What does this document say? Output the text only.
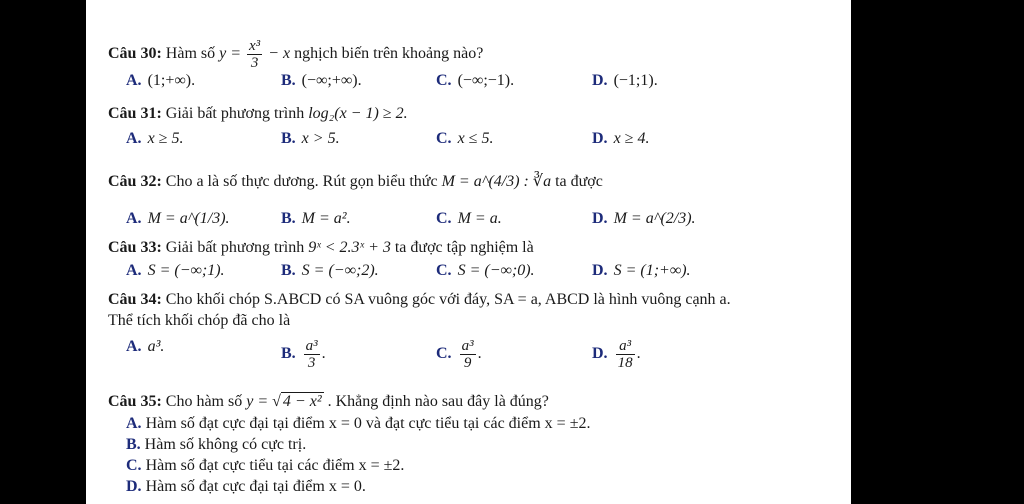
Câu 30: Hàm số $y = \frac{\text{x³}}{3} - x$ nghịch biến trên khoảng nào?
A. (1;+∞).	B. (−∞;+∞).	C. (−∞;−1).	D. (−1;1).
Câu 31: Giải bất phương trình log₂(x − 1) ≥ 2.
A. x ≥ 5.	B. x > 5.	C. x ≤ 5.	D. x ≥ 4.
Câu 32: Cho a là số thực dương. Rút gọn biểu thức M = a^(4/3) : ∛a ta được
A. M = a^(1/3).	B. M = a².	C. M = a.	D. M = a^(2/3).
Câu 33: Giải bất phương trình 9ˣ < 2.3ˣ + 3 ta được tập nghiệm là
A. S = (−∞;1).	B. S = (−∞;2).	C. S = (−∞;0).	D. S = (1;+∞).
Câu 34: Cho khối chóp S.ABCD có SA vuông góc với đáy, SA = a, ABCD là hình vuông cạnh a.
Thể tích khối chóp đã cho là
A. a³.	B. $\frac{\text{a³}}{3}$ .	C. $\frac{\text{a³}}{9}$ .	D. $\frac{\text{a³}}{18}$ .
Câu 35: Cho hàm số y = √ 4 − x² . Khẳng định nào sau đây là đúng?
A. Hàm số đạt cực đại tại điểm x = 0 và đạt cực tiểu tại các điểm x = ±2.
B. Hàm số không có cực trị.
C. Hàm số đạt cực tiểu tại các điểm x = ±2.
D. Hàm số đạt cực đại tại điểm x = 0.
